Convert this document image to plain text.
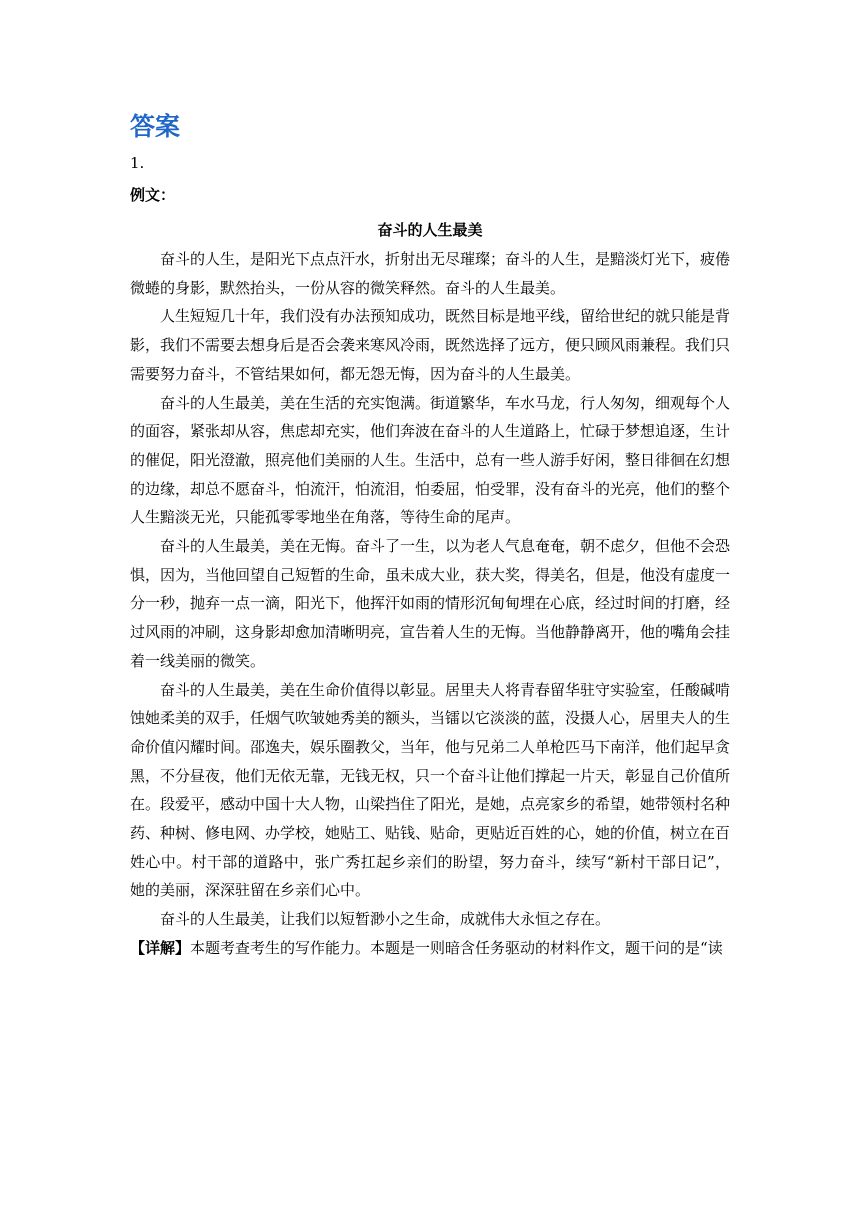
答案
1.
例文：
奋斗的人生最美

奋斗的人生，是阳光下点点汗水，折射出无尽璀璨；奋斗的人生，是黯淡灯光下，疲倦微蜷的身影，默然抬头，一份从容的微笑释然。奋斗的人生最美。

人生短短几十年，我们没有办法预知成功，既然目标是地平线，留给世纪的就只能是背影，我们不需要去想身后是否会袭来寒风冷雨，既然选择了远方，便只顾风雨兼程。我们只需要努力奋斗，不管结果如何，都无怨无悔，因为奋斗的人生最美。

奋斗的人生最美，美在生活的充实饱满。街道繁华，车水马龙，行人匆匆，细观每个人的面容，紧张却从容，焦虑却充实，他们奔波在奋斗的人生道路上，忙碌于梦想追逐，生计的催促，阳光澄澈，照亮他们美丽的人生。生活中，总有一些人游手好闲，整日徘徊在幻想的边缘，却总不愿奋斗，怕流汗，怕流泪，怕委屈，怕受罪，没有奋斗的光亮，他们的整个人生黯淡无光，只能孤零零地坐在角落，等待生命的尾声。

奋斗的人生最美，美在无悔。奋斗了一生，以为老人气息奄奄，朝不虑夕，但他不会恐惧，因为，当他回望自己短暂的生命，虽未成大业，获大奖，得美名，但是，他没有虚度一分一秒，抛弃一点一滴，阳光下，他挥汗如雨的情形沉甸甸埋在心底，经过时间的打磨，经过风雨的冲刷，这身影却愈加清晰明亮，宣告着人生的无悔。当他静静离开，他的嘴角会挂着一线美丽的微笑。

奋斗的人生最美，美在生命价值得以彰显。居里夫人将青春留华驻守实验室，任酸碱啃蚀她柔美的双手，任烟气吹皱她秀美的额头，当镭以它淡淡的蓝，没摄人心，居里夫人的生命价值闪耀时间。邵逸夫，娱乐圈教父，当年，他与兄弟二人单枪匹马下南洋，他们起早贪黑，不分昼夜，他们无依无靠，无钱无权，只一个奋斗让他们撑起一片天，彰显自己价值所在。段爱平，感动中国十大人物，山梁挡住了阳光，是她，点亮家乡的希望，她带领村名种药、种树、修电网、办学校，她贴工、贴钱、贴命，更贴近百姓的心，她的价值，树立在百姓心中。村干部的道路中，张广秀扛起乡亲们的盼望，努力奋斗，续写“新村干部日记”，她的美丽，深深驻留在乡亲们心中。

奋斗的人生最美，让我们以短暂渺小之生命，成就伟大永恒之存在。

【详解】本题考查考生的写作能力。本题是一则暗含任务驱动的材料作文，题干问的是“读
